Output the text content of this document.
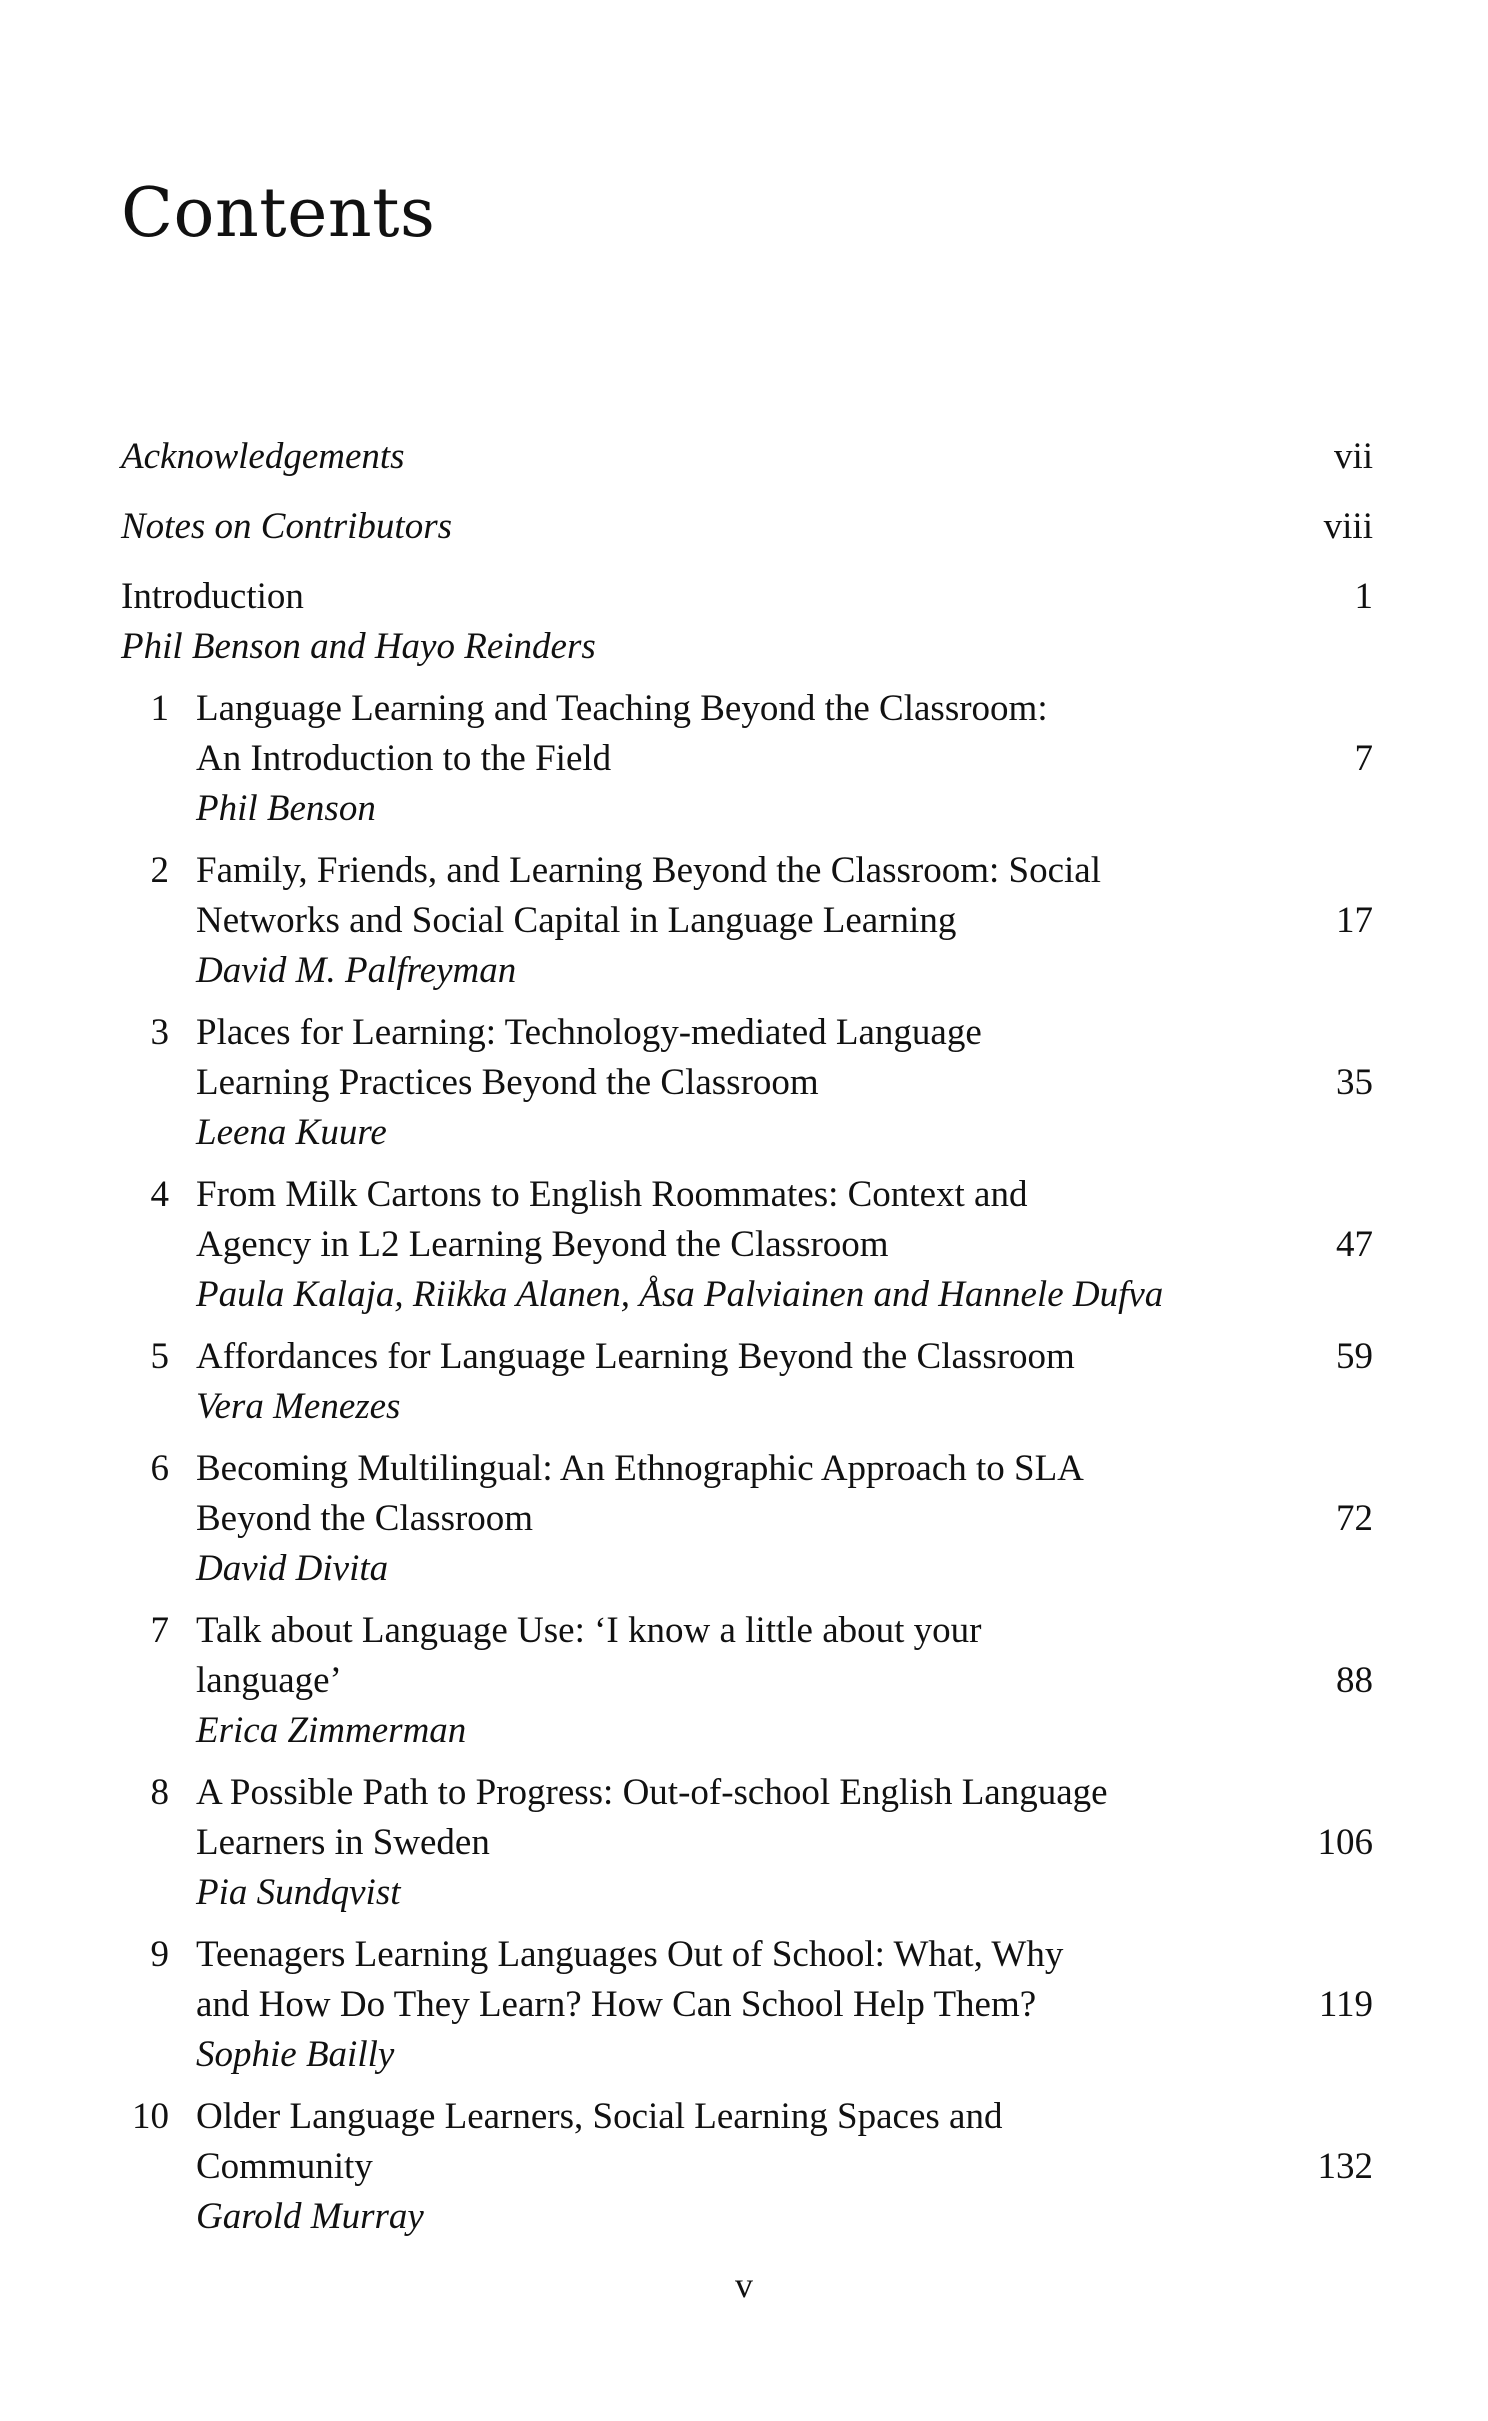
Contents
Acknowledgements	vii
Notes on Contributors	viii
Introduction	1
Phil Benson and Hayo Reinders
1 Language Learning and Teaching Beyond the Classroom:
An Introduction to the Field	7
Phil Benson
2 Family, Friends, and Learning Beyond the Classroom: Social
Networks and Social Capital in Language Learning	17
David M. Palfreyman
3 Places for Learning: Technology-mediated Language
Learning Practices Beyond the Classroom	35
Leena Kuure
4 From Milk Cartons to English Roommates: Context and
Agency in L2 Learning Beyond the Classroom	47
Paula Kalaja, Riikka Alanen, Åsa Palviainen and Hannele Dufva
5 Affordances for Language Learning Beyond the Classroom	59
Vera Menezes
6 Becoming Multilingual: An Ethnographic Approach to SLA
Beyond the Classroom	72
David Divita
7 Talk about Language Use: ‘I know a little about your
language’	88
Erica Zimmerman
8 A Possible Path to Progress: Out-of-school English Language
Learners in Sweden	106
Pia Sundqvist
9 Teenagers Learning Languages Out of School: What, Why
and How Do They Learn? How Can School Help Them?	119
Sophie Bailly
10 Older Language Learners, Social Learning Spaces and
Community	132
Garold Murray
v
